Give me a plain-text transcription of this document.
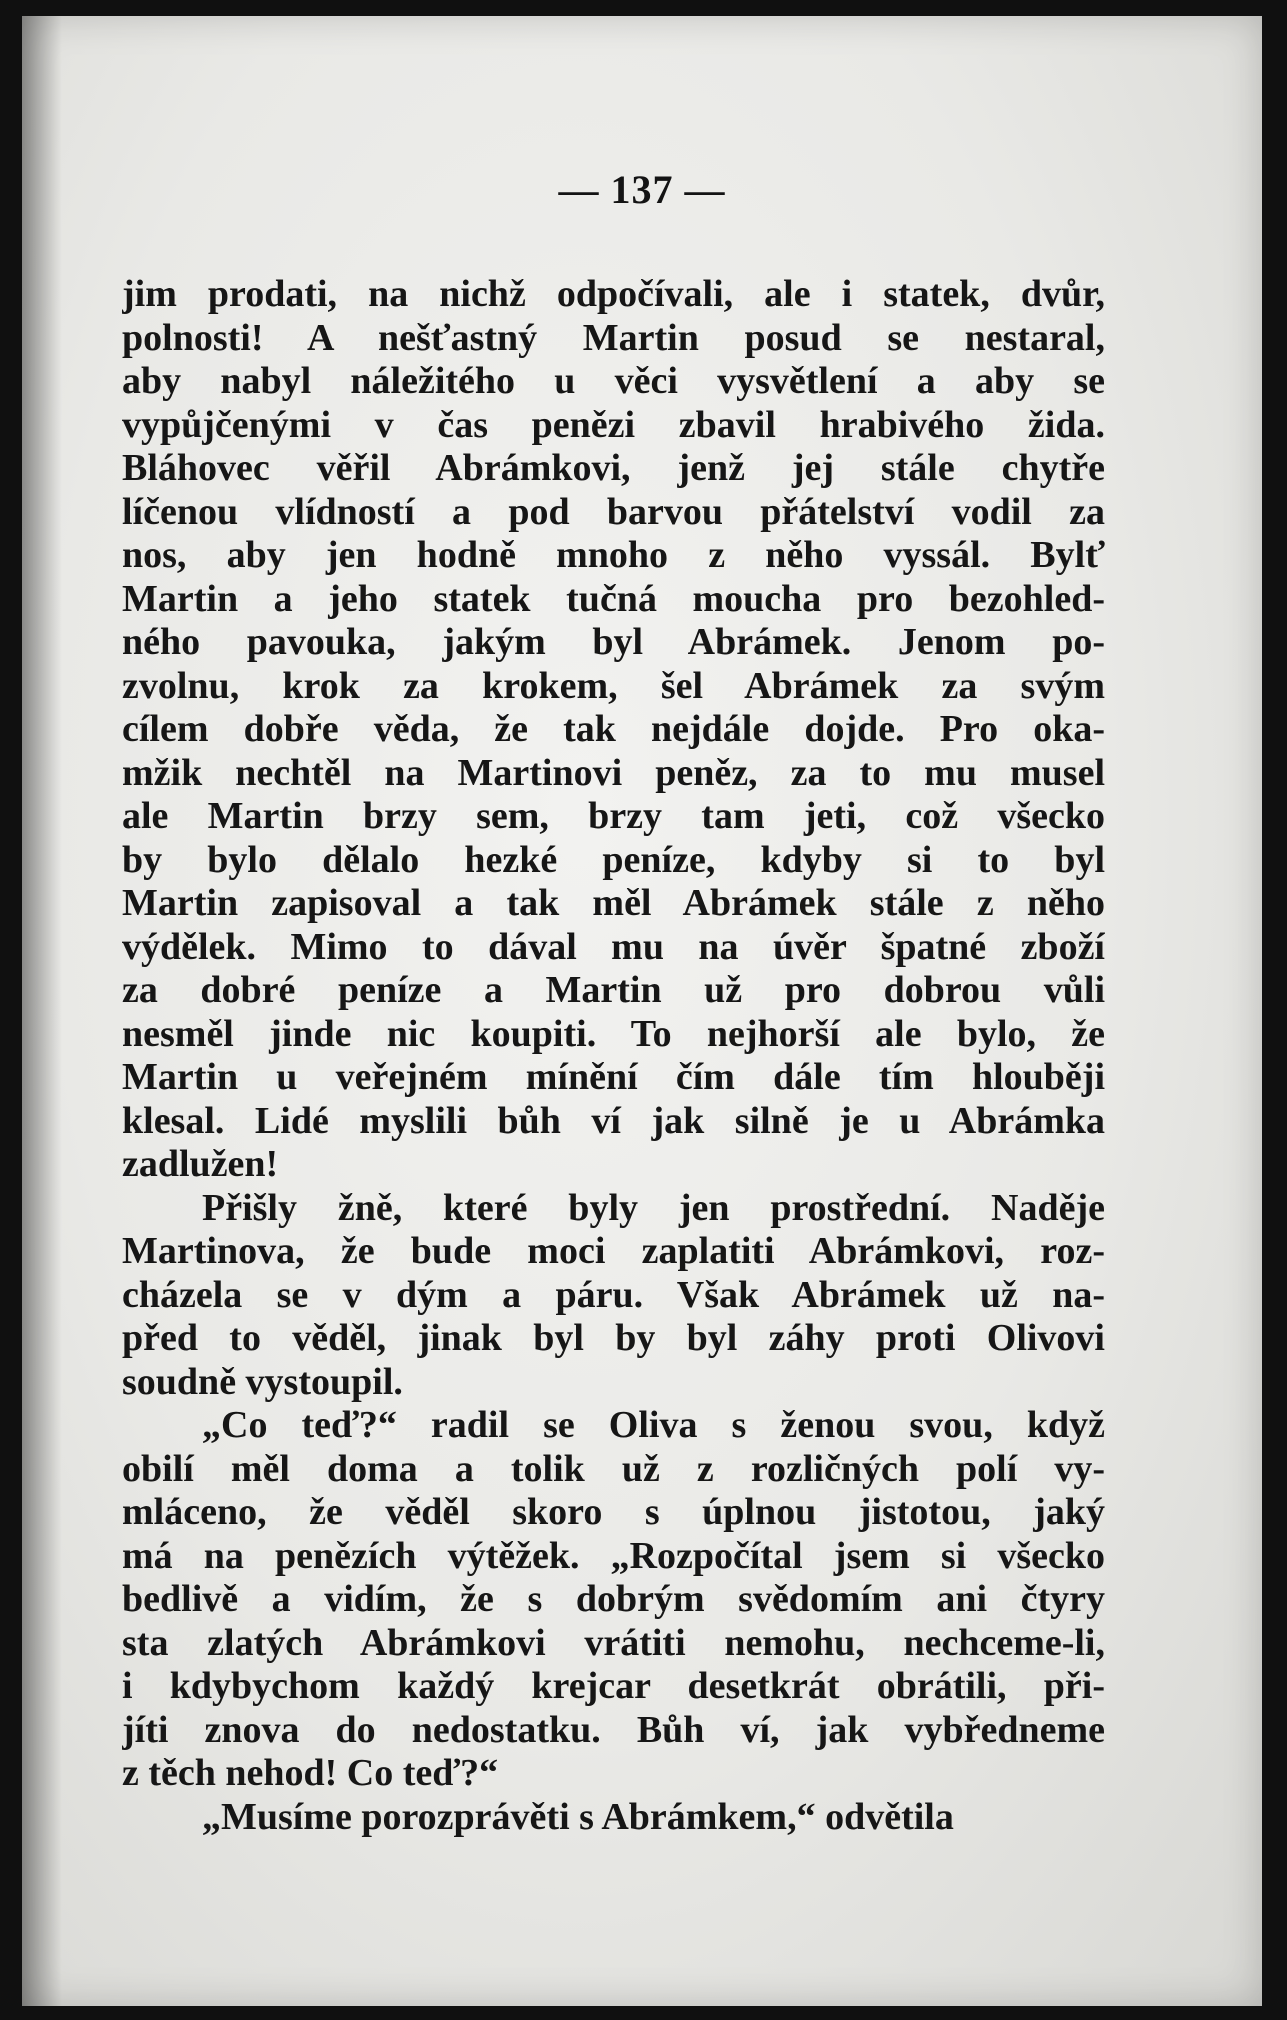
— 137 —
jim prodati, na nichž odpočívali, ale i statek, dvůr,
polnosti! A nešťastný Martin posud se nestaral,
aby nabyl náležitého u věci vysvětlení a aby se
vypůjčenými v čas penězi zbavil hrabivého žida.
Bláhovec věřil Abrámkovi, jenž jej stále chytře
líčenou vlídností a pod barvou přátelství vodil za
nos, aby jen hodně mnoho z něho vyssál. Bylť
Martin a jeho statek tučná moucha pro bezohled-
ného pavouka, jakým byl Abrámek. Jenom po-
zvolnu, krok za krokem, šel Abrámek za svým
cílem dobře věda, že tak nejdále dojde. Pro oka-
mžik nechtěl na Martinovi peněz, za to mu musel
ale Martin brzy sem, brzy tam jeti, což všecko
by bylo dělalo hezké peníze, kdyby si to byl
Martin zapisoval a tak měl Abrámek stále z něho
výdělek. Mimo to dával mu na úvěr špatné zboží
za dobré peníze a Martin už pro dobrou vůli
nesměl jinde nic koupiti. To nejhorší ale bylo, že
Martin u veřejném mínění čím dále tím hlouběji
klesal. Lidé myslili bůh ví jak silně je u Abrámka
zadlužen!
Přišly žně, které byly jen prostřední. Naděje
Martinova, že bude moci zaplatiti Abrámkovi, roz-
cházela se v dým a páru. Však Abrámek už na-
před to věděl, jinak byl by byl záhy proti Olivovi
soudně vystoupil.
„Co teď?“ radil se Oliva s ženou svou, když
obilí měl doma a tolik už z rozličných polí vy-
mláceno, že věděl skoro s úplnou jistotou, jaký
má na penězích výtěžek. „Rozpočítal jsem si všecko
bedlivě a vidím, že s dobrým svědomím ani čtyry
sta zlatých Abrámkovi vrátiti nemohu, nechceme-li,
i kdybychom každý krejcar desetkrát obrátili, při-
jíti znova do nedostatku. Bůh ví, jak vybředneme
z těch nehod! Co teď?“
„Musíme porozprávěti s Abrámkem,“ odvětila
